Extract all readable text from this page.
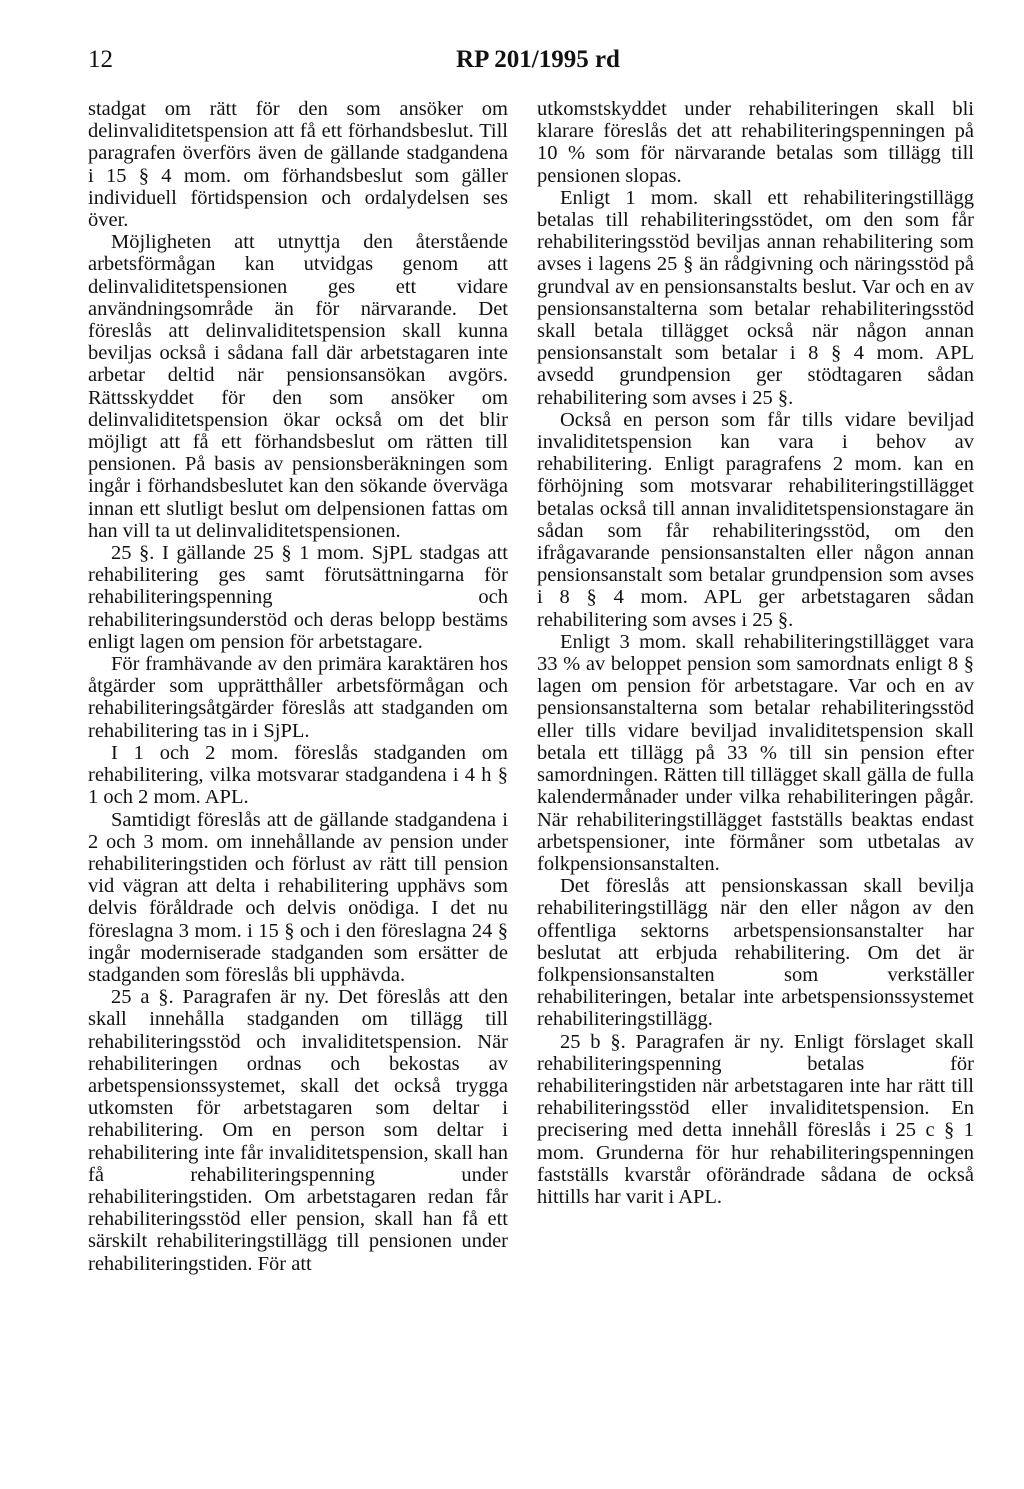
12	RP 201/1995 rd

stadgat om rätt för den som ansöker om delinvaliditetspension att få ett förhandsbeslut. Till paragrafen överförs även de gällande stadgandena i 15 § 4 mom. om förhandsbeslut som gäller individuell förtidspension och ordalydelsen ses över.

Möjligheten att utnyttja den återstående arbetsförmågan kan utvidgas genom att delinvaliditetspensionen ges ett vidare användningsområde än för närvarande. Det föreslås att delinvaliditetspension skall kunna beviljas också i sådana fall där arbetstagaren inte arbetar deltid när pensionsansökan avgörs. Rättsskyddet för den som ansöker om delinvaliditetspension ökar också om det blir möjligt att få ett förhandsbeslut om rätten till pensionen. På basis av pensionsberäkningen som ingår i förhandsbeslutet kan den sökande överväga innan ett slutligt beslut om delpensionen fattas om han vill ta ut delinvaliditetspensionen.

25 §. I gällande 25 § 1 mom. SjPL stadgas att rehabilitering ges samt förutsättningarna för rehabiliteringspenning och rehabiliteringsunderstöd och deras belopp bestäms enligt lagen om pension för arbetstagare.

För framhävande av den primära karaktären hos åtgärder som upprätthåller arbetsförmågan och rehabiliteringsåtgärder föreslås att stadganden om rehabilitering tas in i SjPL.

I 1 och 2 mom. föreslås stadganden om rehabilitering, vilka motsvarar stadgandena i 4 h § 1 och 2 mom. APL.

Samtidigt föreslås att de gällande stadgandena i 2 och 3 mom. om innehållande av pension under rehabiliteringstiden och förlust av rätt till pension vid vägran att delta i rehabilitering upphävs som delvis föråldrade och delvis onödiga. I det nu föreslagna 3 mom. i 15 § och i den föreslagna 24 § ingår moderniserade stadganden som ersätter de stadganden som föreslås bli upphävda.

25 a §. Paragrafen är ny. Det föreslås att den skall innehålla stadganden om tillägg till rehabiliteringsstöd och invaliditetspension. När rehabiliteringen ordnas och bekostas av arbetspensionssystemet, skall det också trygga utkomsten för arbetstagaren som deltar i rehabilitering. Om en person som deltar i rehabilitering inte får invaliditetspension, skall han få rehabiliteringspenning under rehabiliteringstiden. Om arbetstagaren redan får rehabiliteringsstöd eller pension, skall han få ett särskilt rehabiliteringstillägg till pensionen under rehabiliteringstiden. För att

utkomstskyddet under rehabiliteringen skall bli klarare föreslås det att rehabiliteringspenningen på 10 % som för närvarande betalas som tillägg till pensionen slopas.

Enligt 1 mom. skall ett rehabiliteringstillägg betalas till rehabiliteringsstödet, om den som får rehabiliteringsstöd beviljas annan rehabilitering som avses i lagens 25 § än rådgivning och näringsstöd på grundval av en pensionsanstalts beslut. Var och en av pensionsanstalterna som betalar rehabiliteringsstöd skall betala tillägget också när någon annan pensionsanstalt som betalar i 8 § 4 mom. APL avsedd grundpension ger stödtagaren sådan rehabilitering som avses i 25 §.

Också en person som får tills vidare beviljad invaliditetspension kan vara i behov av rehabilitering. Enligt paragrafens 2 mom. kan en förhöjning som motsvarar rehabiliteringstillägget betalas också till annan invaliditetspensionstagare än sådan som får rehabiliteringsstöd, om den ifrågavarande pensionsanstalten eller någon annan pensionsanstalt som betalar grundpension som avses i 8 § 4 mom. APL ger arbetstagaren sådan rehabilitering som avses i 25 §.

Enligt 3 mom. skall rehabiliteringstillägget vara 33 % av beloppet pension som samordnats enligt 8 § lagen om pension för arbetstagare. Var och en av pensionsanstalterna som betalar rehabiliteringsstöd eller tills vidare beviljad invaliditetspension skall betala ett tillägg på 33 % till sin pension efter samordningen. Rätten till tillägget skall gälla de fulla kalendermånader under vilka rehabiliteringen pågår. När rehabiliteringstillägget fastställs beaktas endast arbetspensioner, inte förmåner som utbetalas av folkpensionsanstalten.

Det föreslås att pensionskassan skall bevilja rehabiliteringstillägg när den eller någon av den offentliga sektorns arbetspensionsanstalter har beslutat att erbjuda rehabilitering. Om det är folkpensionsanstalten som verkställer rehabiliteringen, betalar inte arbetspensionssystemet rehabiliteringstillägg.

25 b §. Paragrafen är ny. Enligt förslaget skall rehabiliteringspenning betalas för rehabiliteringstiden när arbetstagaren inte har rätt till rehabiliteringsstöd eller invaliditetspension. En precisering med detta innehåll föreslås i 25 c § 1 mom. Grunderna för hur rehabiliteringspenningen fastställs kvarstår oförändrade sådana de också hittills har varit i APL.
